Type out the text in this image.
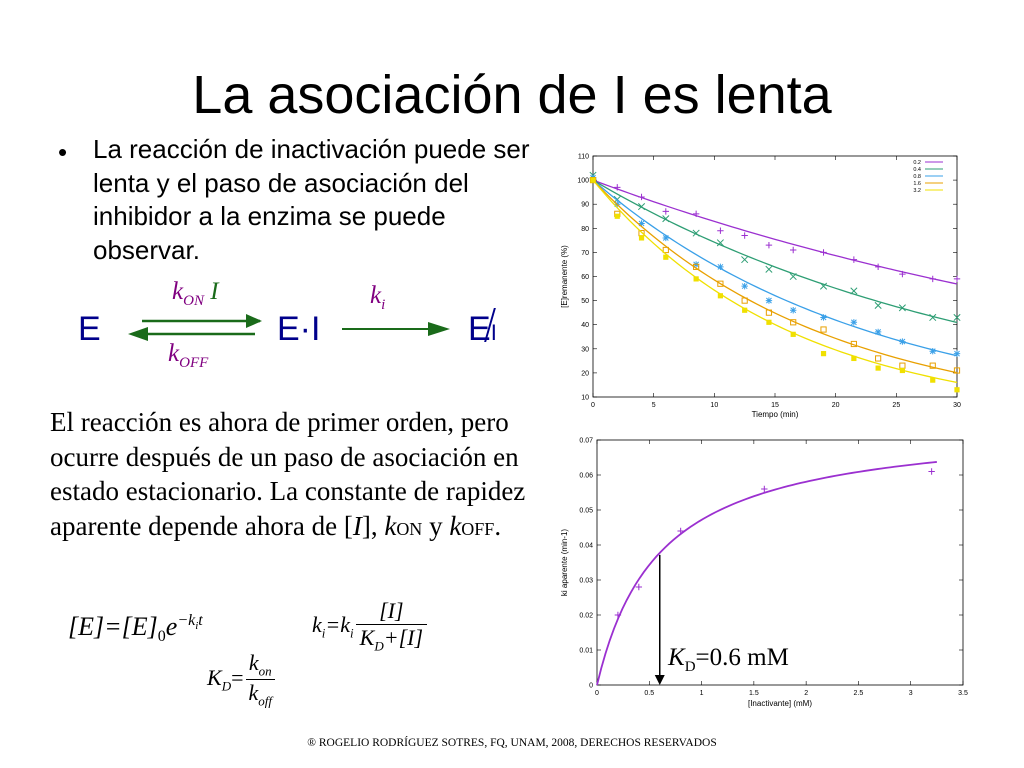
La asociación de I es lenta
• La reacción de inactivación puede ser lenta y el paso de asociación del inhibidor a la enzima se puede observar.
E	E·I	E
I
$k_{ON}$ I
$k_{OFF}$
$k_i$
El reacción es ahora de primer orden, pero ocurre después de un paso de asociación en estado estacionario. La constante de rapidez aparente depende ahora de [I], kON y kOFF.
$[E]=[E]_0e^{-k_it}$	$k_i=k_i \frac{[I]}{K_D+[I]}$
$K_D=$
$k_{on}$
$k_{off}$
0	5	10	15	20	25	30
10
20
30
40
50
60
70
80
90
100
110
Tiempo (min)
[E]remanente (%)
0.2
0.4
0.8
1.6
3.2
0	0.5	1	1.5	2	2.5	3	3.5
0
0.01
0.02
0.03
0.04
0.05
0.06
0.07
[Inactivante] (mM)
ki aparente (min-1)
$K_D=0.6$ mM
® ROGELIO RODRÍGUEZ SOTRES, FQ, UNAM, 2008, DERECHOS RESERVADOS
